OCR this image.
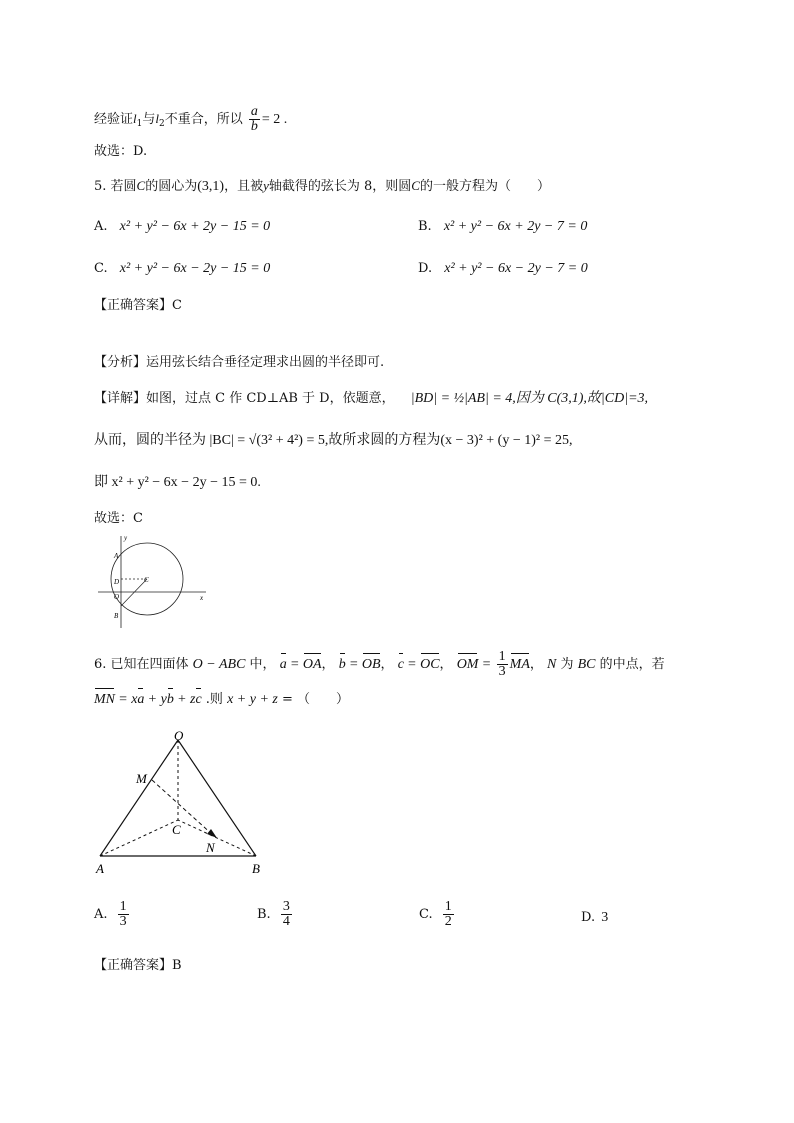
经验证$l_1$与$l_2$不重合，所以 $\frac{a}{b} = 2$ .
故选：D.
5. 若圆C的圆心为(3,1)，且被y轴截得的弦长为 8，则圆C的一般方程为（　　）
A. x² + y² − 6x + 2y − 15 = 0	B. x² + y² − 6x + 2y − 7 = 0
C. x² + y² − 6x − 2y − 15 = 0	D. x² + y² − 6x − 2y − 7 = 0
【正确答案】C
【分析】运用弦长结合垂径定理求出圆的半径即可.
【详解】如图，过点 C 作 CD⊥AB 于 D，依题意， |BD| = ½|AB| = 4,因为 C(3,1),故|CD|=3,
从而，圆的半径为 |BC| = √(3² + 4²) = 5,故所求圆的方程为(x − 3)² + (y − 1)² = 25,
即 x² + y² − 6x − 2y − 15 = 0.
故选：C
y
x
A
D	C
O
B
6. 已知在四面体 O − ABC 中， a = OA， b = OB， c = OC， OM = $\frac{1}{3}$ MA， N 为 BC 的中点，若
MN = xa + yb + zc .则 x + y + z = （　　）
O
M
C
N
A	B
A. $\frac{1}{3}$	B. $\frac{3}{4}$	C. $\frac{1}{2}$	D. 3
【正确答案】B
